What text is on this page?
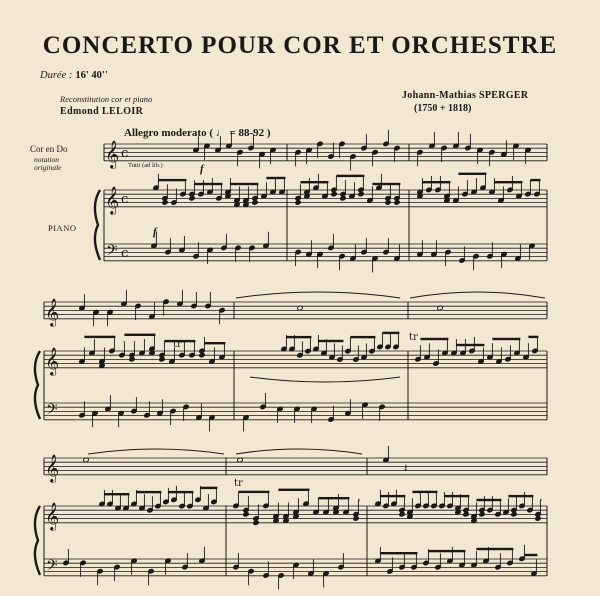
CONCERTO POUR COR ET ORCHESTRE
Durée : 16' 40''
Reconstitution cor et piano
Edmond LELOIR
Johann-Mathias SPERGER
(1750 + 1818)
Allegro moderato ( ♩ = 88-92 )
Cor en Do
notation
originale
PIANO
Tutti (ad lib.)	f
f
𝄞
𝄞
𝄢
c
c
c
𝄞
𝄞
𝄢
tr
tr
𝄞
𝄞
𝄢
𝄽
tr
